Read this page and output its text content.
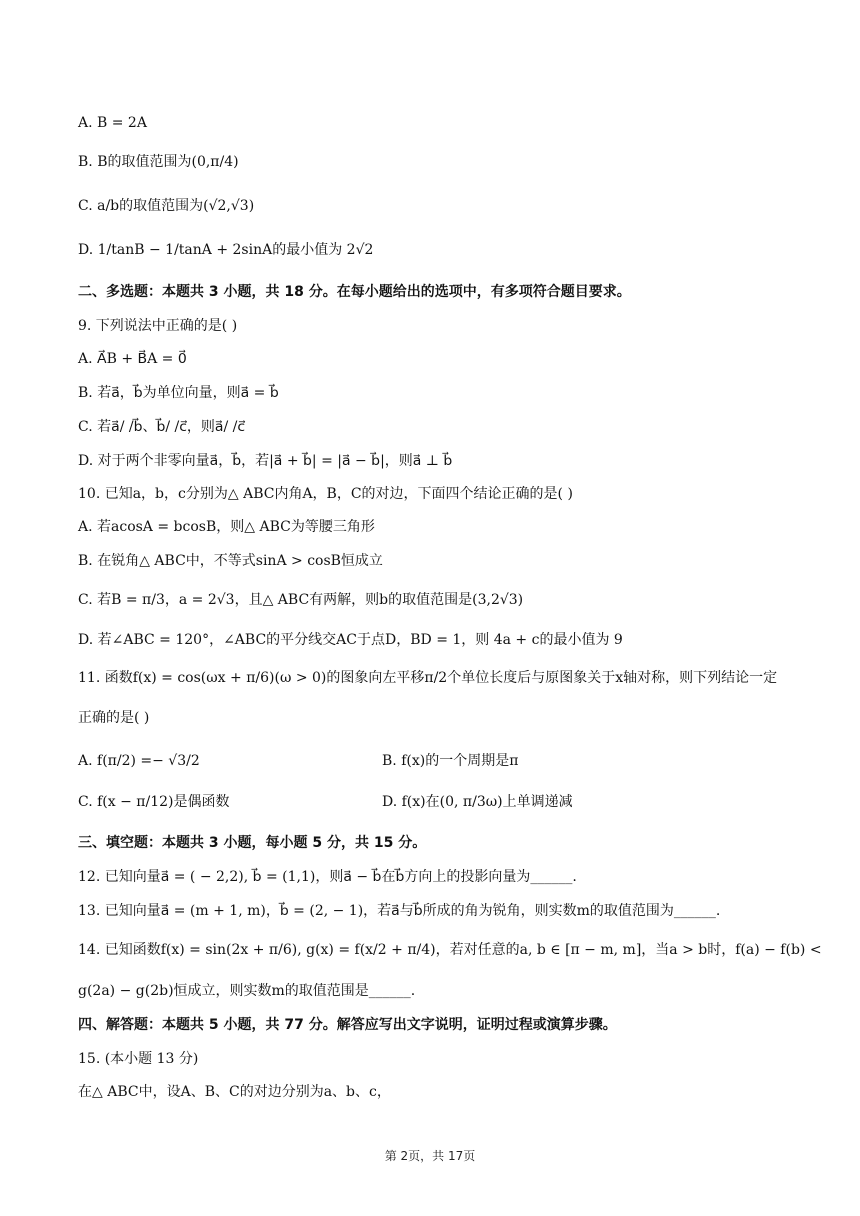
A. B = 2A
B. B的取值范围为(0,π/4)
C. a/b的取值范围为(√2,√3)
D. 1/tanB − 1/tanA + 2sinA的最小值为 2√2
二、多选题：本题共 3 小题，共 18 分。在每小题给出的选项中，有多项符合题目要求。
9. 下列说法中正确的是( )
A. A⃗B + B⃗A = 0⃗
B. 若a⃗，b⃗为单位向量，则a⃗ = b⃗
C. 若a⃗/ /b⃗、b⃗/ /c⃗，则a⃗/ /c⃗
D. 对于两个非零向量a⃗，b⃗，若|a⃗ + b⃗| = |a⃗ − b⃗|，则a⃗ ⊥ b⃗
10. 已知a，b，c分别为△ ABC内角A，B，C的对边，下面四个结论正确的是( )
A. 若acosA = bcosB，则△ ABC为等腰三角形
B. 在锐角△ ABC中，不等式sinA > cosB恒成立
C. 若B = π/3，a = 2√3，且△ ABC有两解，则b的取值范围是(3,2√3)
D. 若∠ABC = 120°，∠ABC的平分线交AC于点D，BD = 1，则 4a + c的最小值为 9
11. 函数f(x) = cos(ωx + π/6)(ω > 0)的图象向左平移π/2个单位长度后与原图象关于x轴对称，则下列结论一定
正确的是( )
A. f(π/2) =− √3/2	B. f(x)的一个周期是π
C. f(x − π/12)是偶函数	D. f(x)在(0, π/3ω)上单调递减
三、填空题：本题共 3 小题，每小题 5 分，共 15 分。
12. 已知向量a⃗ = ( − 2,2), b⃗ = (1,1)，则a⃗ − b⃗在b⃗方向上的投影向量为______.
13. 已知向量a⃗ = (m + 1, m)，b⃗ = (2, − 1)，若a⃗与b⃗所成的角为锐角，则实数m的取值范围为______.
14. 已知函数f(x) = sin(2x + π/6), g(x) = f(x/2 + π/4)，若对任意的a, b ∈ [π − m, m]，当a > b时，f(a) − f(b) <
g(2a) − g(2b)恒成立，则实数m的取值范围是______.
四、解答题：本题共 5 小题，共 77 分。解答应写出文字说明，证明过程或演算步骤。
15. (本小题 13 分)
在△ ABC中，设A、B、C的对边分别为a、b、c，
第 2页，共 17页
